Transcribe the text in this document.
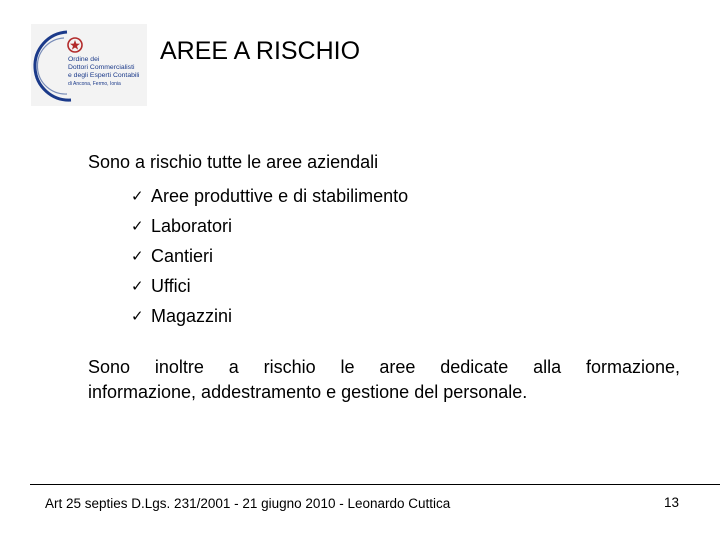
Ordine dei
Dottori Commercialisti
e degli Esperti Contabili
di Ancona, Fermo, Ionia
AREE A RISCHIO
Sono a rischio tutte le aree aziendali
✓ Aree produttive e di stabilimento
✓ Laboratori
✓ Cantieri
✓ Uffici
✓ Magazzini
Sono inoltre a rischio le aree dedicate alla formazione,
informazione, addestramento e gestione del personale.
Art 25 septies D.Lgs. 231/2001 - 21 giugno 2010 - Leonardo Cuttica	13
